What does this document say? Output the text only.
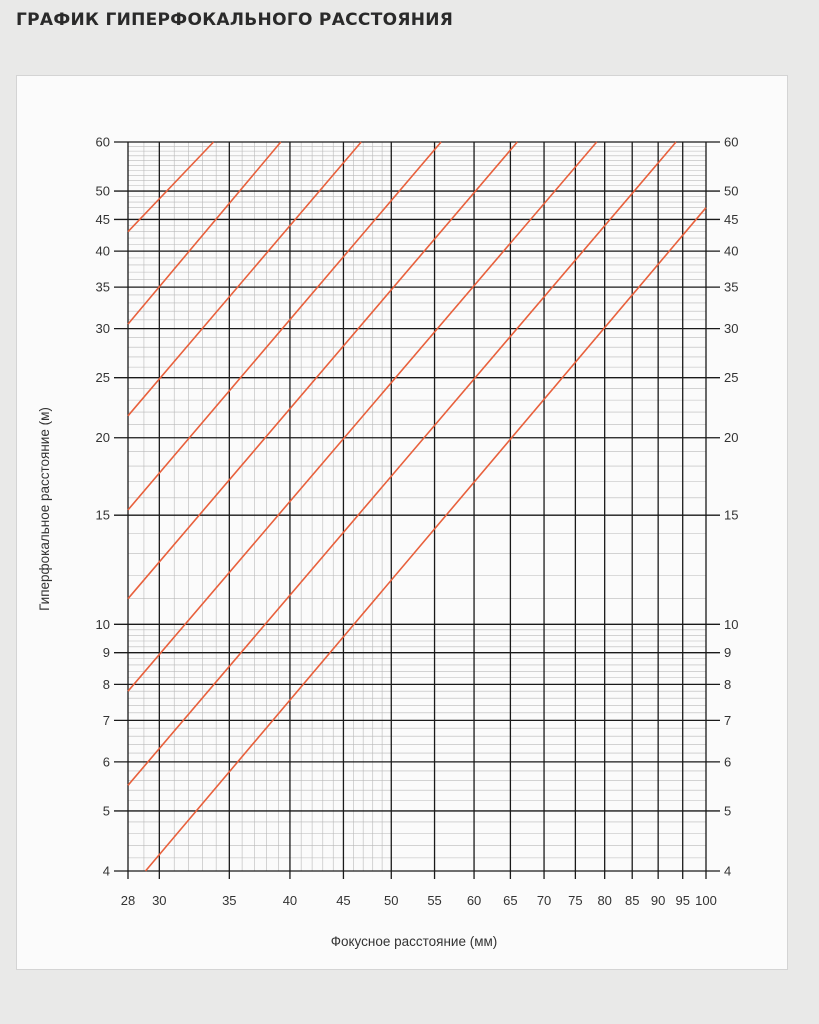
ГРАФИК ГИПЕРФОКАЛЬНОГО РАССТОЯНИЯ
4	4
5	5
6	6
7	7
8	8
9	9
10	10
15	15
20	20
25	25
30	30
35	35
40	40
45	45
50	50
60	60
28 30	35	40	45	50 55 60 65 70 75 80 85 90 95 100
Фокусное расстояние (мм)
Гиперфокальное расстояние (м)
